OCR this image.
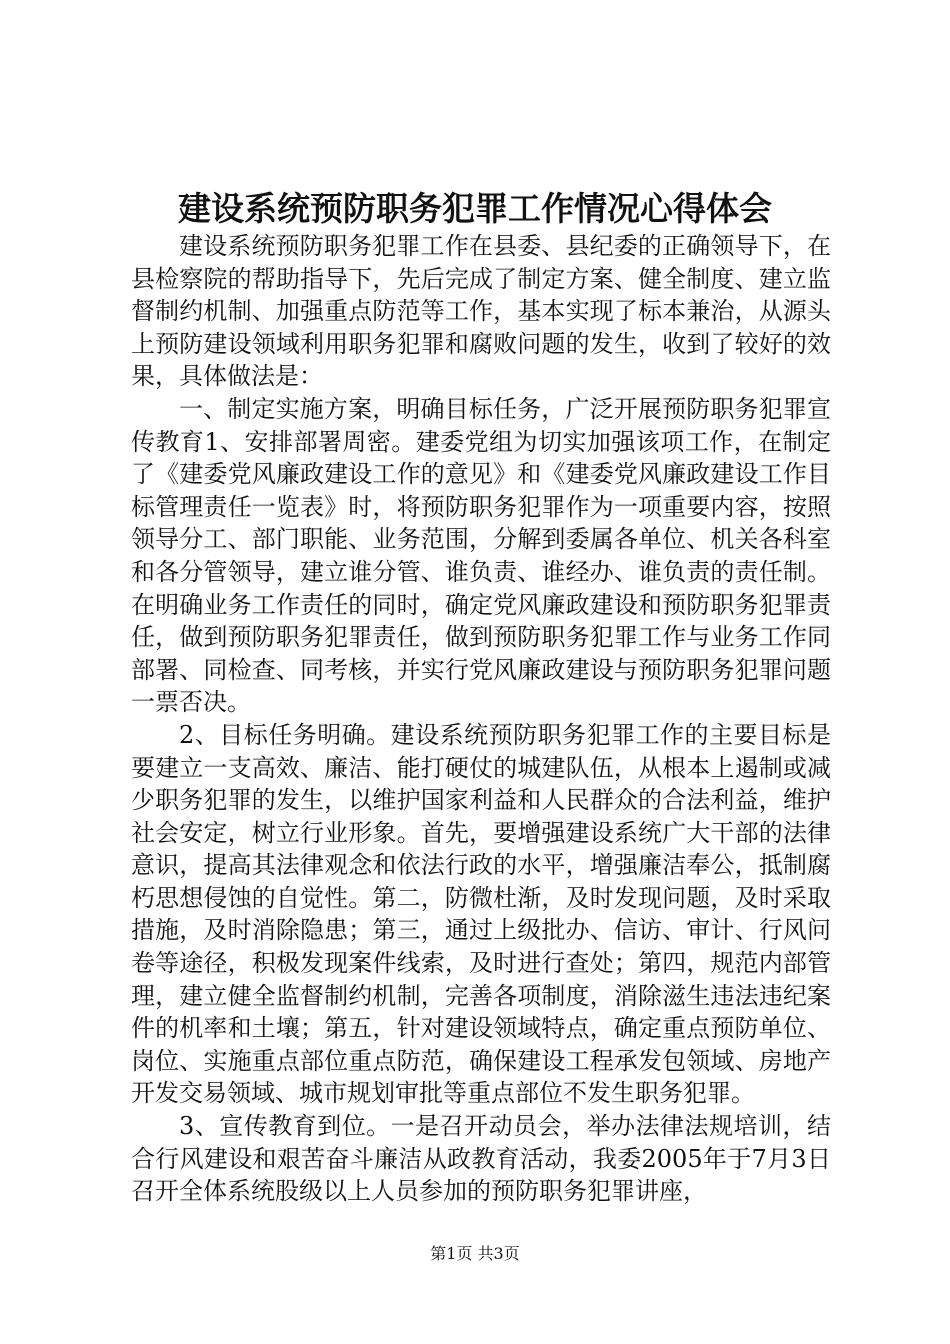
建设系统预防职务犯罪工作情况心得体会

建设系统预防职务犯罪工作在县委、县纪委的正确领导下，在县检察院的帮助指导下，先后完成了制定方案、健全制度、建立监督制约机制、加强重点防范等工作，基本实现了标本兼治，从源头上预防建设领域利用职务犯罪和腐败问题的发生，收到了较好的效果，具体做法是：

一、制定实施方案，明确目标任务，广泛开展预防职务犯罪宣传教育1、安排部署周密。建委党组为切实加强该项工作，在制定了《建委党风廉政建设工作的意见》和《建委党风廉政建设工作目标管理责任一览表》时，将预防职务犯罪作为一项重要内容，按照领导分工、部门职能、业务范围，分解到委属各单位、机关各科室和各分管领导，建立谁分管、谁负责、谁经办、谁负责的责任制。在明确业务工作责任的同时，确定党风廉政建设和预防职务犯罪责任，做到预防职务犯罪责任，做到预防职务犯罪工作与业务工作同部署、同检查、同考核，并实行党风廉政建设与预防职务犯罪问题一票否决。

2、目标任务明确。建设系统预防职务犯罪工作的主要目标是要建立一支高效、廉洁、能打硬仗的城建队伍，从根本上遏制或减少职务犯罪的发生，以维护国家利益和人民群众的合法利益，维护社会安定，树立行业形象。首先，要增强建设系统广大干部的法律意识，提高其法律观念和依法行政的水平，增强廉洁奉公，抵制腐朽思想侵蚀的自觉性。第二，防微杜渐，及时发现问题，及时采取措施，及时消除隐患；第三，通过上级批办、信访、审计、行风问卷等途径，积极发现案件线索，及时进行查处；第四，规范内部管理，建立健全监督制约机制，完善各项制度，消除滋生违法违纪案件的机率和土壤；第五，针对建设领域特点，确定重点预防单位、岗位、实施重点部位重点防范，确保建设工程承发包领域、房地产开发交易领域、城市规划审批等重点部位不发生职务犯罪。

3、宣传教育到位。一是召开动员会，举办法律法规培训，结合行风建设和艰苦奋斗廉洁从政教育活动，我委2005年于7月3日召开全体系统股级以上人员参加的预防职务犯罪讲座，

第1页 共3页
